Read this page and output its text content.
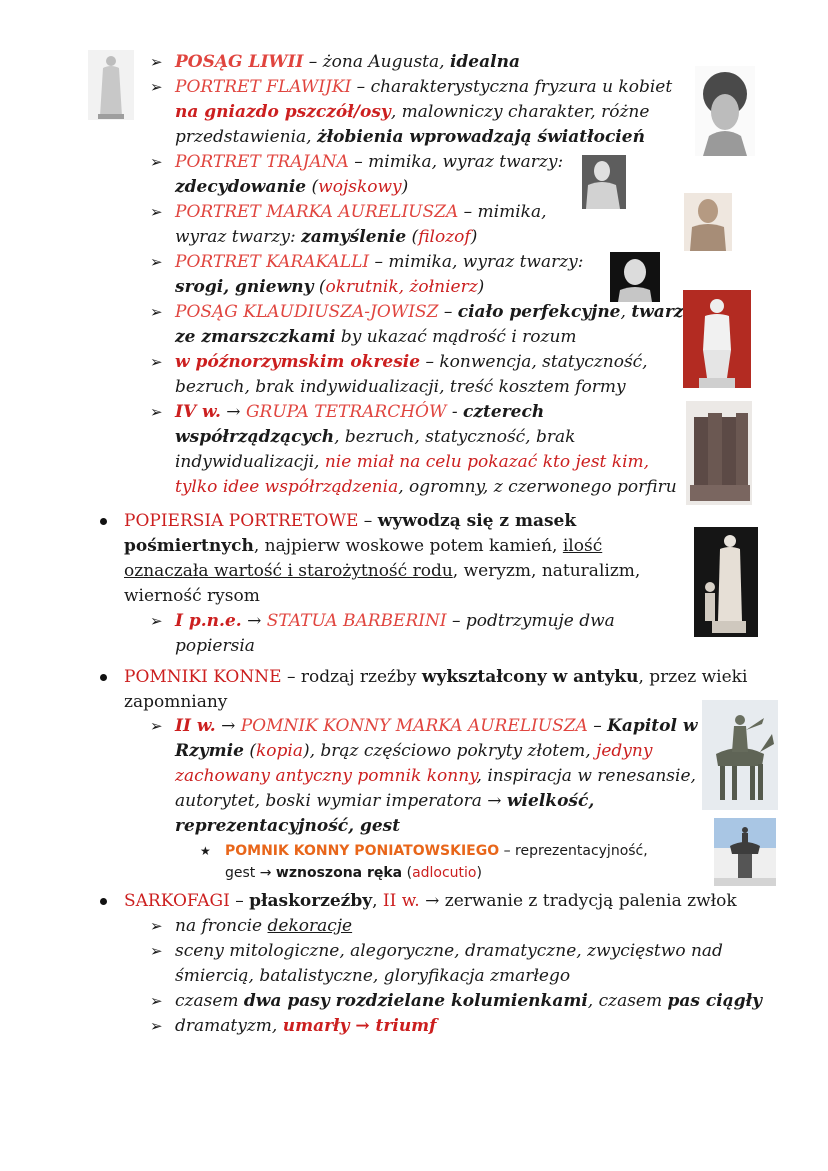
➢
➢
➢
➢
➢
➢
➢
➢
➢
➢
★
➢
➢
➢
➢
POSĄG LIWII – żona Augusta, idealna
PORTRET FLAWIJKI – charakterystyczna fryzura u kobiet
na gniazdo pszczół/osy, malowniczy charakter, różne
przedstawienia, żłobienia wprowadzają światłocień
PORTRET TRAJANA – mimika, wyraz twarzy:
zdecydowanie (wojskowy)
PORTRET MARKA AURELIUSZA – mimika,
wyraz twarzy: zamyślenie (filozof)
PORTRET KARAKALLI – mimika, wyraz twarzy:
srogi, gniewny (okrutnik, żołnierz)
POSĄG KLAUDIUSZA-JOWISZ – ciało perfekcyjne, twarz
ze zmarszczkami by ukazać mądrość i rozum
w późnorzymskim okresie – konwencja, statyczność,
bezruch, brak indywidualizacji, treść kosztem formy
IV w. → GRUPA TETRARCHÓW - czterech
współrządzących, bezruch, statyczność, brak
indywidualizacji, nie miał na celu pokazać kto jest kim,
tylko idee współrządzenia, ogromny, z czerwonego porfiru
POPIERSIA PORTRETOWE – wywodzą się z masek
pośmiertnych, najpierw woskowe potem kamień, ilość
oznaczała wartość i starożytność rodu, weryzm, naturalizm,
wierność rysom
I p.n.e. → STATUA BARBERINI – podtrzymuje dwa
popiersia
POMNIKI KONNE – rodzaj rzeźby wykształcony w antyku, przez wieki
zapomniany
II w. → POMNIK KONNY MARKA AURELIUSZA – Kapitol w
Rzymie (kopia), brąz częściowo pokryty złotem, jedyny
zachowany antyczny pomnik konny, inspiracja w renesansie,
autorytet, boski wymiar imperatora → wielkość,
reprezentacyjność, gest
POMNIK KONNY PONIATOWSKIEGO – reprezentacyjność,
gest → wznoszona ręka (adlocutio)
SARKOFAGI – płaskorzeźby, II w. → zerwanie z tradycją palenia zwłok
na froncie dekoracje
sceny mitologiczne, alegoryczne, dramatyczne, zwycięstwo nad
śmiercią, batalistyczne, gloryfikacja zmarłego
czasem dwa pasy rozdzielane kolumienkami, czasem pas ciągły
dramatyzm, umarły → triumf
